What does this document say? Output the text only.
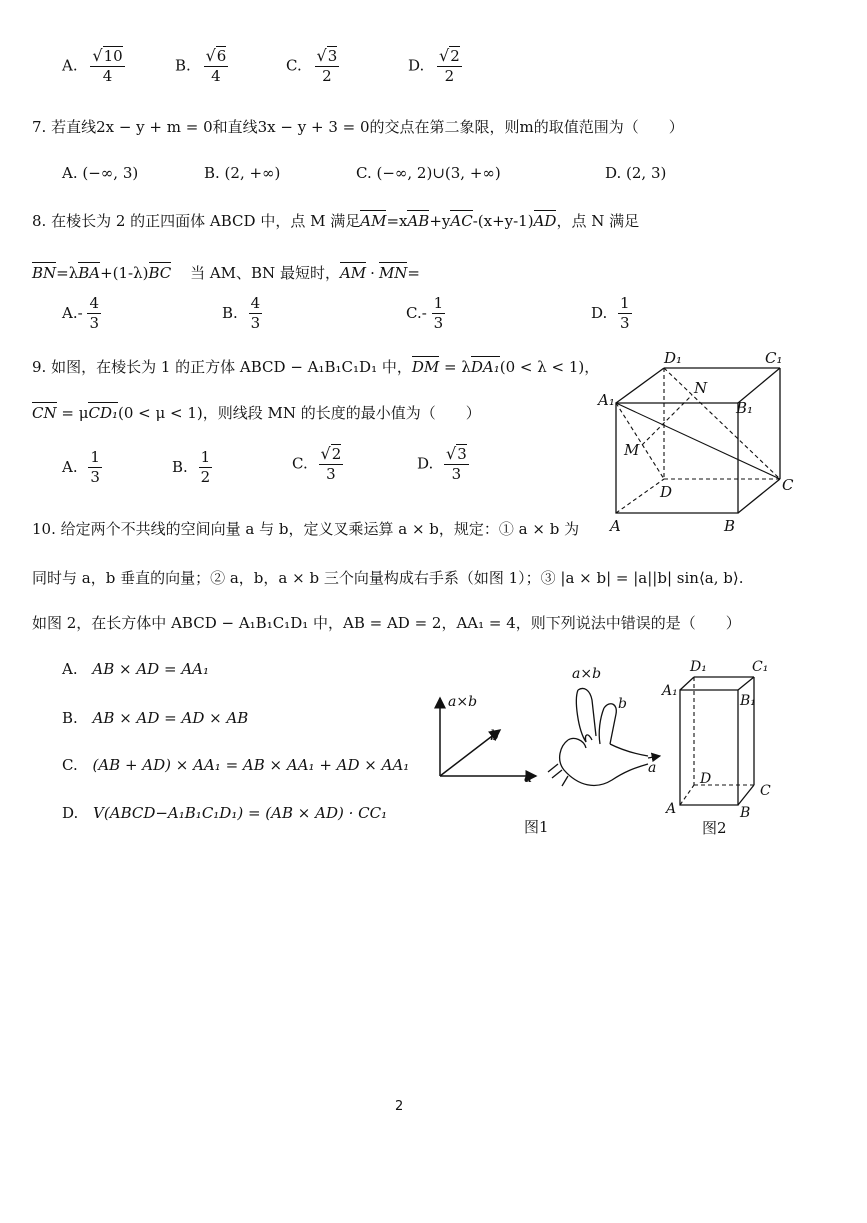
A. $\frac{√10}{4}$	B. $\frac{√6}{4}$	C. $\frac{√3}{2}$	D. $\frac{√2}{2}$
7. 若直线2x − y + m = 0和直线3x − y + 3 = 0的交点在第二象限，则m的取值范围为（　　）
A. (−∞, 3)	B. (2, +∞)	C. (−∞, 2)∪(3, +∞)	D. (2, 3)
8. 在棱长为 2 的正四面体 ABCD 中，点 M 满足AM=xAB+yAC-(x+y-1)AD，点 N 满足
BN=λBA+(1-λ)BC 当 AM、BN 最短时，AM · MN=
$A.- \frac{4}{3}$	B. $\frac{4}{3}$	$C.- \frac{1}{3}$	D. $\frac{1}{3}$
9. 如图，在棱长为 1 的正方体 ABCD − A₁B₁C₁D₁ 中，DM = λDA₁(0 < λ < 1)，
CN = μCD₁(0 < μ < 1)，则线段 MN 的长度的最小值为（　　）
A. $\frac{1}{3}$	B. $\frac{1}{2}$	C. $\frac{√2}{3}$	D. $\frac{√3}{3}$
D₁	C₁
A₁	B₁
N
M
D	C
A	B
10. 给定两个不共线的空间向量 a 与 b，定义叉乘运算 a × b，规定：① a × b 为
同时与 a，b 垂直的向量；② a，b，a × b 三个向量构成右手系（如图 1）；③ |a × b| = |a||b| sin⟨a, b⟩.
如图 2，在长方体中 ABCD − A₁B₁C₁D₁ 中，AB = AD = 2，AA₁ = 4，则下列说法中错误的是（　　）
A. AB × AD = AA₁
B. AB × AD = AD × AB
C. (AB + AD) × AA₁ = AB × AA₁ + AD × AA₁
D. V(ABCD−A₁B₁C₁D₁) = (AB × AD) · CC₁
a×b
b
a
a×b
b
a
图1
D₁	C₁
A₁
B₁
D
C
A	B
图2
2
